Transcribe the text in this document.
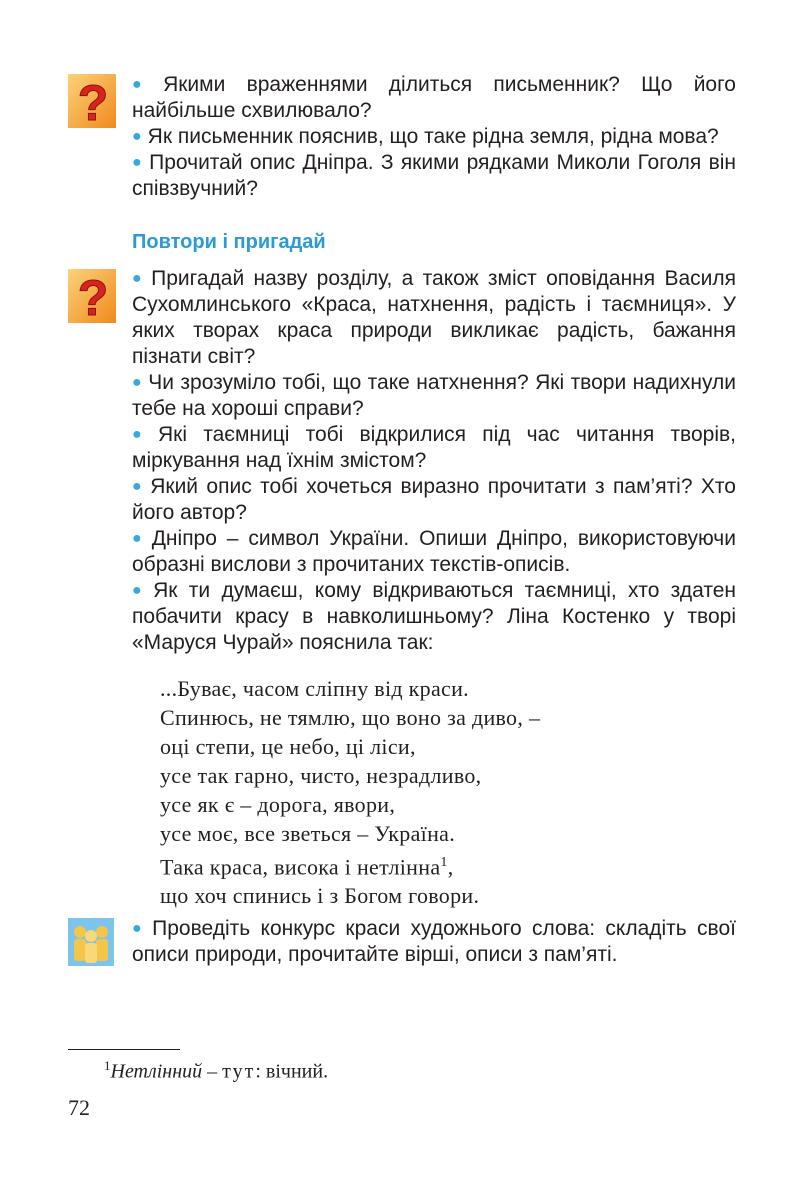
? ● Якими враженнями ділиться письменник? Що його найбільше схвилювало?

● Як письменник пояснив, що таке рідна земля, рідна мова?

● Прочитай опис Дніпра. З якими рядками Миколи Гоголя він співзвучний?

Повтори і пригадай
? ● Пригадай назву розділу, а також зміст оповідання Василя Сухомлинського «Краса, натхнення, радість і таємниця». У яких творах краса природи викликає радість, бажання пізнати світ?

● Чи зрозуміло тобі, що таке натхнення? Які твори надихнули тебе на хороші справи?

● Які таємниці тобі відкрилися під час читання творів, міркування над їхнім змістом?

● Який опис тобі хочеться виразно прочитати з пам’яті? Хто його автор?

● Дніпро – символ України. Опиши Дніпро, використовуючи образні вислови з прочитаних текстів-описів.

● Як ти думаєш, кому відкриваються таємниці, хто здатен побачити красу в навколишньому? Ліна Костенко у творі «Маруся Чурай» пояснила так:

...Буває, часом сліпну від краси.
Спинюсь, не тямлю, що воно за диво, –
оці степи, це небо, ці ліси,
усе так гарно, чисто, незрадливо,
усе як є – дорога, явори,
усе моє, все зветься – Україна.
Така краса, висока і нетлінна$^1$,
що хоч спинись і з Богом говори.

● Проведіть конкурс краси художнього слова: складіть свої описи природи, прочитайте вірші, описи з пам’яті.

$^1$Нетлінний – тут: вічний.
72
